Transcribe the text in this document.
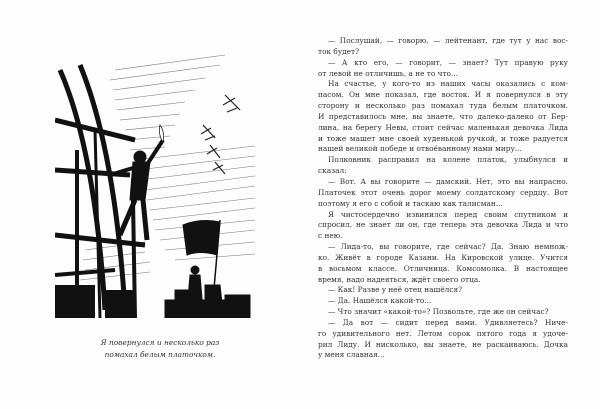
Я повернулся и несколько раз
помахал белым платочком.
— Послушай, — говорю, — лейтенант, где тут у нас вос-
ток будет?
— А кто его, — говорит, — знает? Тут правую руку
от левой не отличишь, а не то что...
На счастье, у кого-то из наших часы оказались с ком-
пасом. Он мне показал, где восток. И я повернулся в эту
сторону и несколько раз помахал туда белым платочком.
И представилось мне, вы знаете, что далеко-далеко от Бер-
лина, на берегу Невы, стоит сейчас маленькая девочка Лида
и тоже машет мне своей худенькой ручкой, и тоже радуется
нашей великой победе и отвоёванному нами миру...
Полковник расправил на колене платок, улыбнулся и
сказал:
— Вот. А вы говорите — дамский. Нет, это вы напрасно.
Платочек этот очень дорог моему солдатскому сердцу. Вот
поэтому я его с собой и таскаю как талисман...
Я чистосердечно извинился перед своим спутником и
спросил, не знает ли он, где теперь эта девочка Лида и что
с нею.
— Лида-то, вы говорите, где сейчас? Да. Знаю немнож-
ко. Живёт в городе Казани. На Кировской улице. Учится
в восьмом классе. Отличница. Комсомолка. В настоящее
время, надо надеяться, ждёт своего отца.
— Как! Разве у неё отец нашёлся?
— Да. Нашёлся какой-то...
— Что значит «какой-то»? Позвольте, где же он сейчас?
— Да вот — сидит перед вами. Удивляетесь? Ниче-
го удивительного нет. Летом сорок пятого года я удоче-
рил Лиду. И нисколько, вы знаете, не раскаиваюсь. Дочка
у меня славная...
